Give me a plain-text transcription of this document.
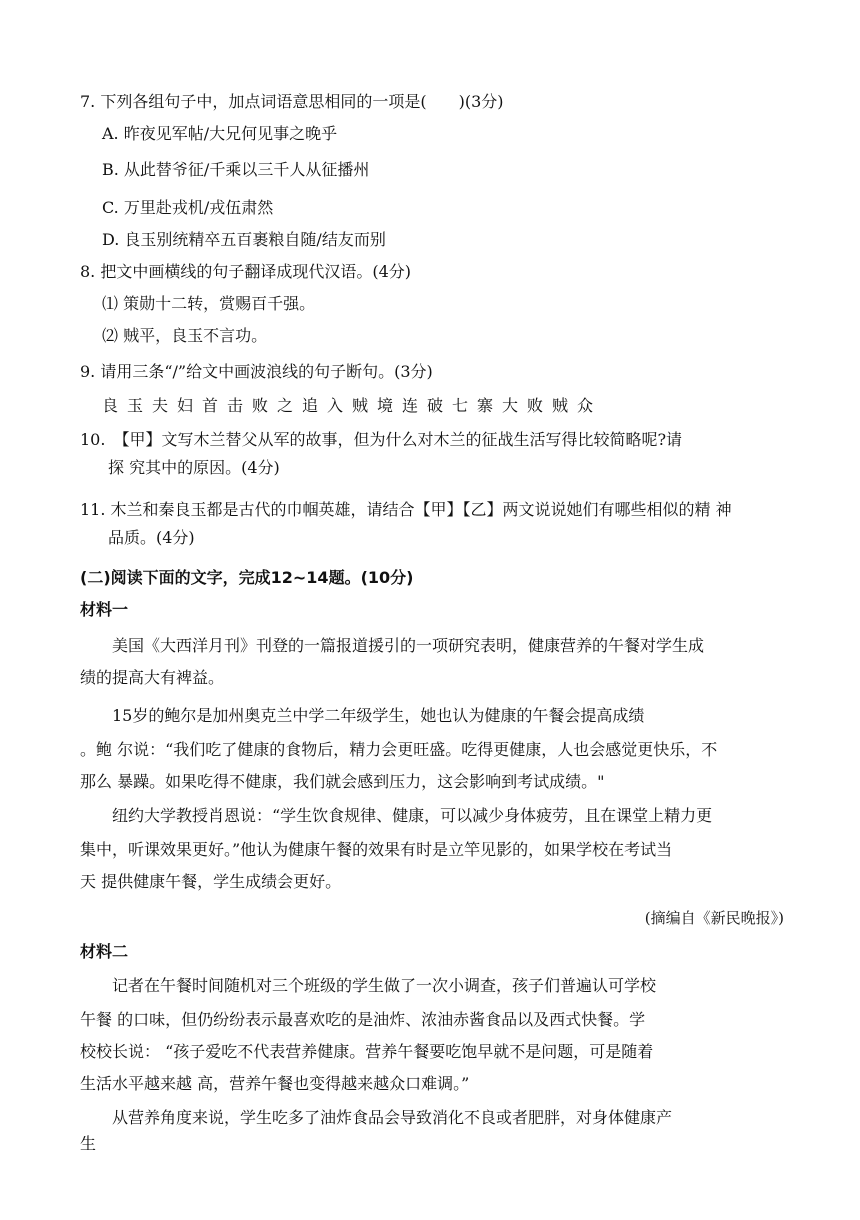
7. 下列各组句子中，加点词语意思相同的一项是(　　)(3分)
A. 昨夜见军帖/大兄何见事之晚乎
B. 从此替爷征/千乘以三千人从征播州
C. 万里赴戎机/戎伍肃然
D. 良玉别统精卒五百裹粮自随/结友而别
8. 把文中画横线的句子翻译成现代汉语。(4分)
⑴ 策勋十二转，赏赐百千强。
⑵ 贼平，良玉不言功。
9. 请用三条“/”给文中画波浪线的句子断句。(3分)
良玉夫妇首击败之追入贼境连破七寨大败贼众
10.　【甲】文写木兰替父从军的故事，但为什么对木兰的征战生活写得比较简略呢?请
探 究其中的原因。(4分)
11. 木兰和秦良玉都是古代的巾帼英雄，请结合【甲】【乙】两文说说她们有哪些相似的精 神
品质。(4分)
(二)阅读下面的文字，完成12~14题。(10分)
材料一
美国《大西洋月刊》刊登的一篇报道援引的一项研究表明，健康营养的午餐对学生成
绩的提高大有裨益。
15岁的鲍尔是加州奥克兰中学二年级学生，她也认为健康的午餐会提高成绩
。鲍 尔说：“我们吃了健康的食物后，精力会更旺盛。吃得更健康，人也会感觉更快乐，不
那么 暴躁。如果吃得不健康，我们就会感到压力，这会影响到考试成绩。"
纽约大学教授肖恩说：“学生饮食规律、健康，可以减少身体疲劳，且在课堂上精力更
集中，听课效果更好。”他认为健康午餐的效果有时是立竿见影的，如果学校在考试当
天 提供健康午餐，学生成绩会更好。
(摘编自《新民晚报》)
材料二
记者在午餐时间随机对三个班级的学生做了一次小调查，孩子们普遍认可学校
午餐 的口味，但仍纷纷表示最喜欢吃的是油炸、浓油赤酱食品以及西式快餐。学
校校长说： “孩子爱吃不代表营养健康。营养午餐要吃饱早就不是问题，可是随着
生活水平越来越 高，营养午餐也变得越来越众口难调。”
从营养角度来说，学生吃多了油炸食品会导致消化不良或者肥胖，对身体健康产
生
